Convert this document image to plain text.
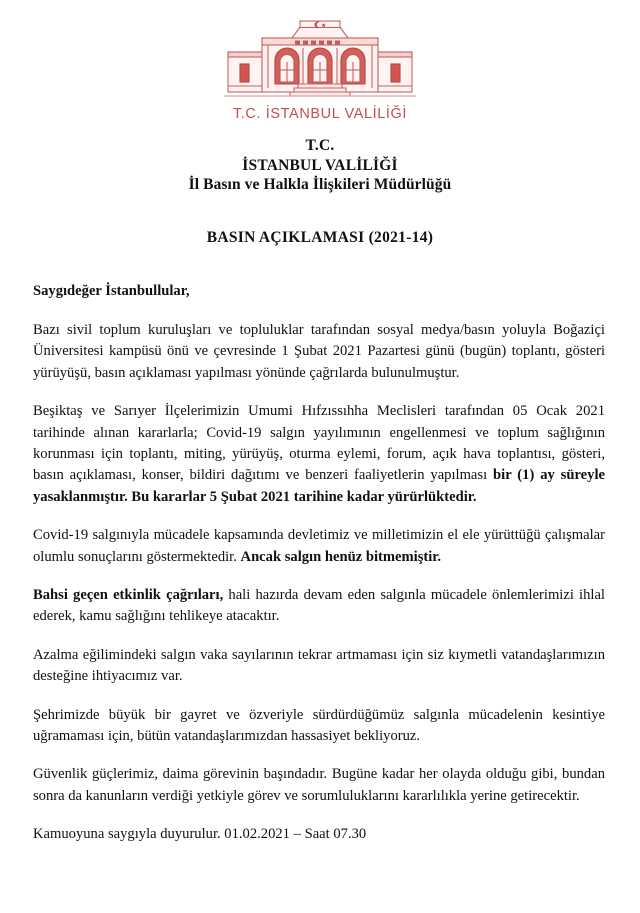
T.C. İSTANBUL VALİLİĞİ
T.C.
İSTANBUL VALİLİĞİ
İl Basın ve Halkla İlişkileri Müdürlüğü
BASIN AÇIKLAMASI (2021-14)

Saygıdeğer İstanbullular,

Bazı sivil toplum kuruluşları ve topluluklar tarafından sosyal medya/basın yoluyla Boğaziçi Üniversitesi kampüsü önü ve çevresinde 1 Şubat 2021 Pazartesi günü (bugün) toplantı, gösteri yürüyüşü, basın açıklaması yapılması yönünde çağrılarda bulunulmuştur.

Beşiktaş ve Sarıyer İlçelerimizin Umumi Hıfzıssıhha Meclisleri tarafından 05 Ocak 2021 tarihinde alınan kararlarla; Covid-19 salgın yayılımının engellenmesi ve toplum sağlığının korunması için toplantı, miting, yürüyüş, oturma eylemi, forum, açık hava toplantısı, gösteri, basın açıklaması, konser, bildiri dağıtımı ve benzeri faaliyetlerin yapılması bir (1) ay süreyle yasaklanmıştır. Bu kararlar 5 Şubat 2021 tarihine kadar yürürlüktedir.

Covid-19 salgınıyla mücadele kapsamında devletimiz ve milletimizin el ele yürüttüğü çalışmalar olumlu sonuçlarını göstermektedir. Ancak salgın henüz bitmemiştir.

Bahsi geçen etkinlik çağrıları, hali hazırda devam eden salgınla mücadele önlemlerimizi ihlal ederek, kamu sağlığını tehlikeye atacaktır.

Azalma eğilimindeki salgın vaka sayılarının tekrar artmaması için siz kıymetli vatandaşlarımızın desteğine ihtiyacımız var.

Şehrimizde büyük bir gayret ve özveriyle sürdürdüğümüz salgınla mücadelenin kesintiye uğramaması için, bütün vatandaşlarımızdan hassasiyet bekliyoruz.

Güvenlik güçlerimiz, daima görevinin başındadır. Bugüne kadar her olayda olduğu gibi, bundan sonra da kanunların verdiği yetkiyle görev ve sorumluluklarını kararlılıkla yerine getirecektir.

Kamuoyuna saygıyla duyurulur. 01.02.2021 – Saat 07.30
